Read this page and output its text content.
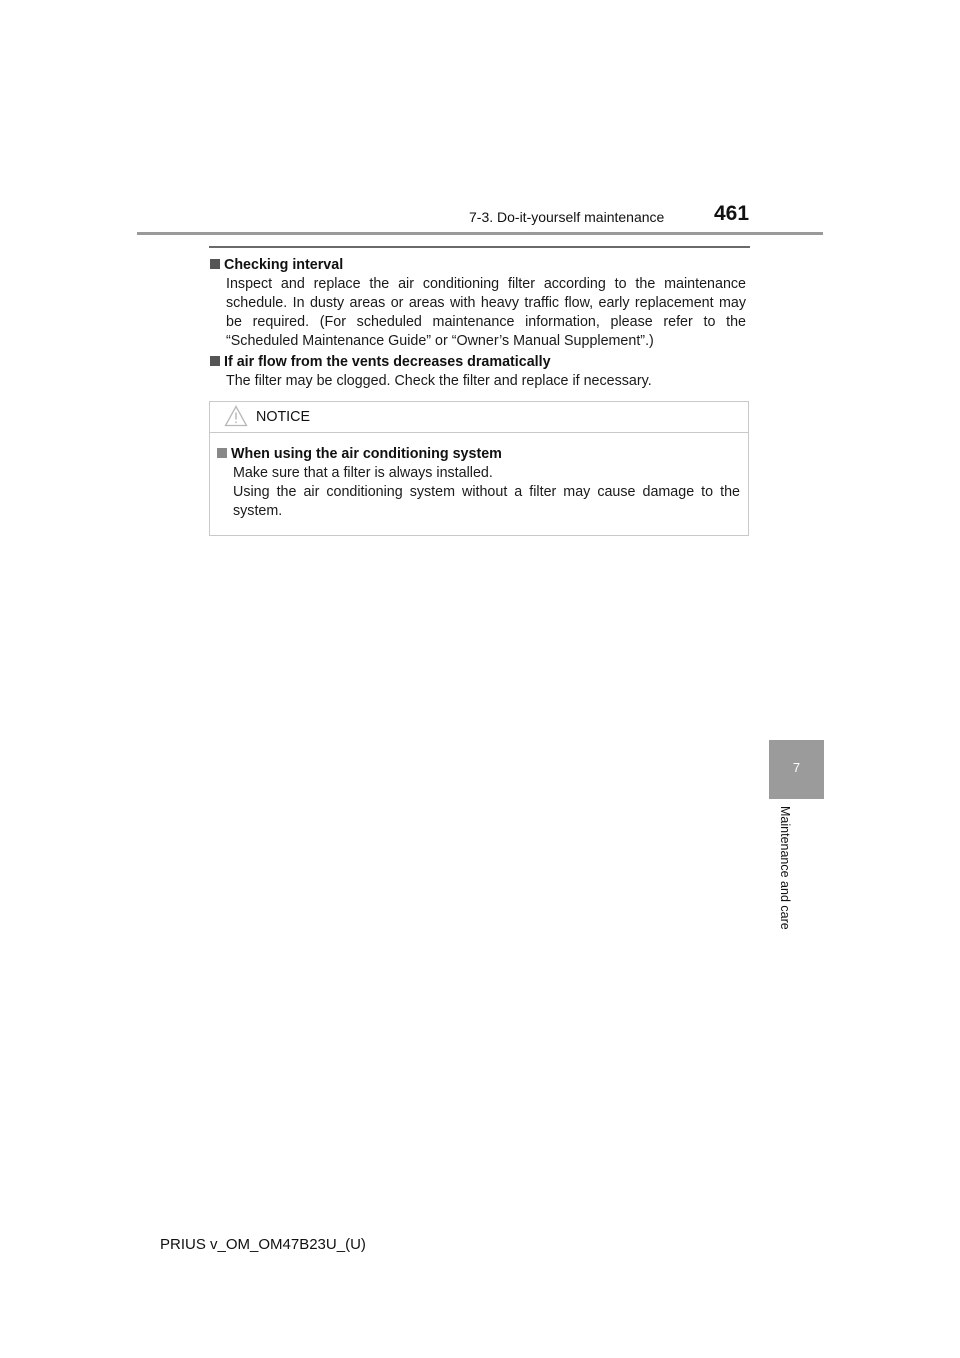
7-3. Do-it-yourself maintenance 461
Checking interval
Inspect and replace the air conditioning filter according to the maintenance schedule. In dusty areas or areas with heavy traffic flow, early replacement may be required. (For scheduled maintenance information, please refer to the “Scheduled Maintenance Guide” or “Owner’s Manual Supplement”.)
If air flow from the vents decreases dramatically
The filter may be clogged. Check the filter and replace if necessary.
NOTICE
When using the air conditioning system
Make sure that a filter is always installed.
Using the air conditioning system without a filter may cause damage to the system.
7
Maintenance and care
PRIUS v_OM_OM47B23U_(U)
